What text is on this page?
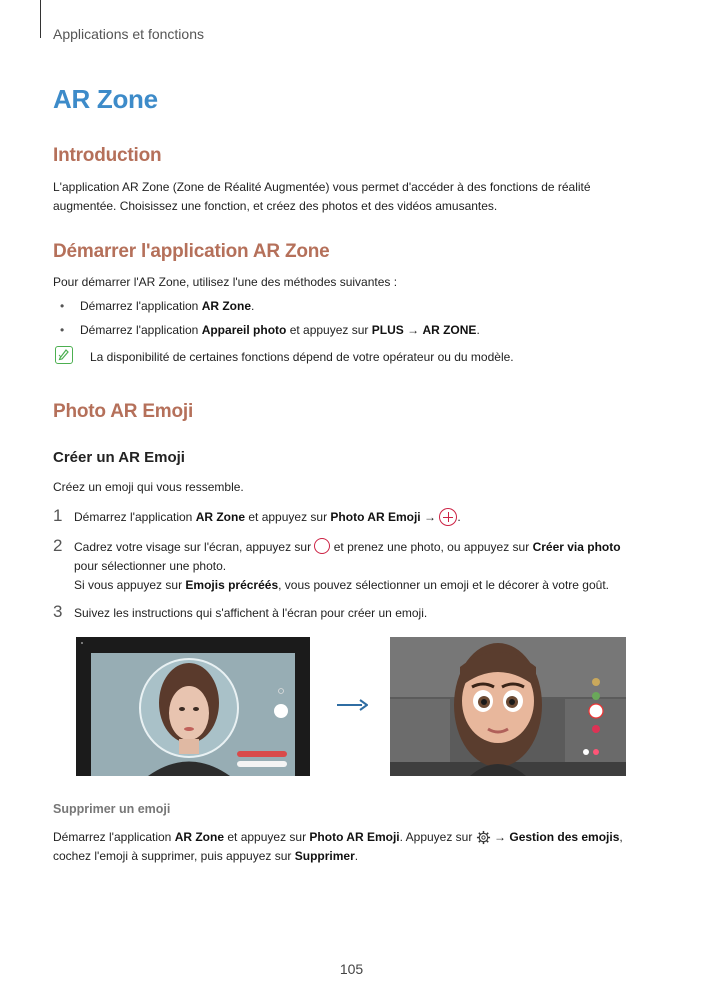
Applications et fonctions
AR Zone
Introduction
L'application AR Zone (Zone de Réalité Augmentée) vous permet d'accéder à des fonctions de réalité
augmentée. Choisissez une fonction, et créez des photos et des vidéos amusantes.
Démarrer l'application AR Zone
Pour démarrer l'AR Zone, utilisez l'une des méthodes suivantes :
• Démarrez l'application AR Zone.
• Démarrez l'application Appareil photo et appuyez sur PLUS → AR ZONE.
La disponibilité de certaines fonctions dépend de votre opérateur ou du modèle.
Photo AR Emoji
Créer un AR Emoji
Créez un emoji qui vous ressemble.
1 Démarrez l'application AR Zone et appuyez sur Photo AR Emoji → .
2 Cadrez votre visage sur l'écran, appuyez sur  et prenez une photo, ou appuyez sur Créer via photo
pour sélectionner une photo.
Si vous appuyez sur Emojis précréés, vous pouvez sélectionner un emoji et le décorer à votre goût.
3 Suivez les instructions qui s'affichent à l'écran pour créer un emoji.
Supprimer un emoji
Démarrez l'application AR Zone et appuyez sur Photo AR Emoji. Appuyez sur  → Gestion des emojis,
cochez l'emoji à supprimer, puis appuyez sur Supprimer.
105
